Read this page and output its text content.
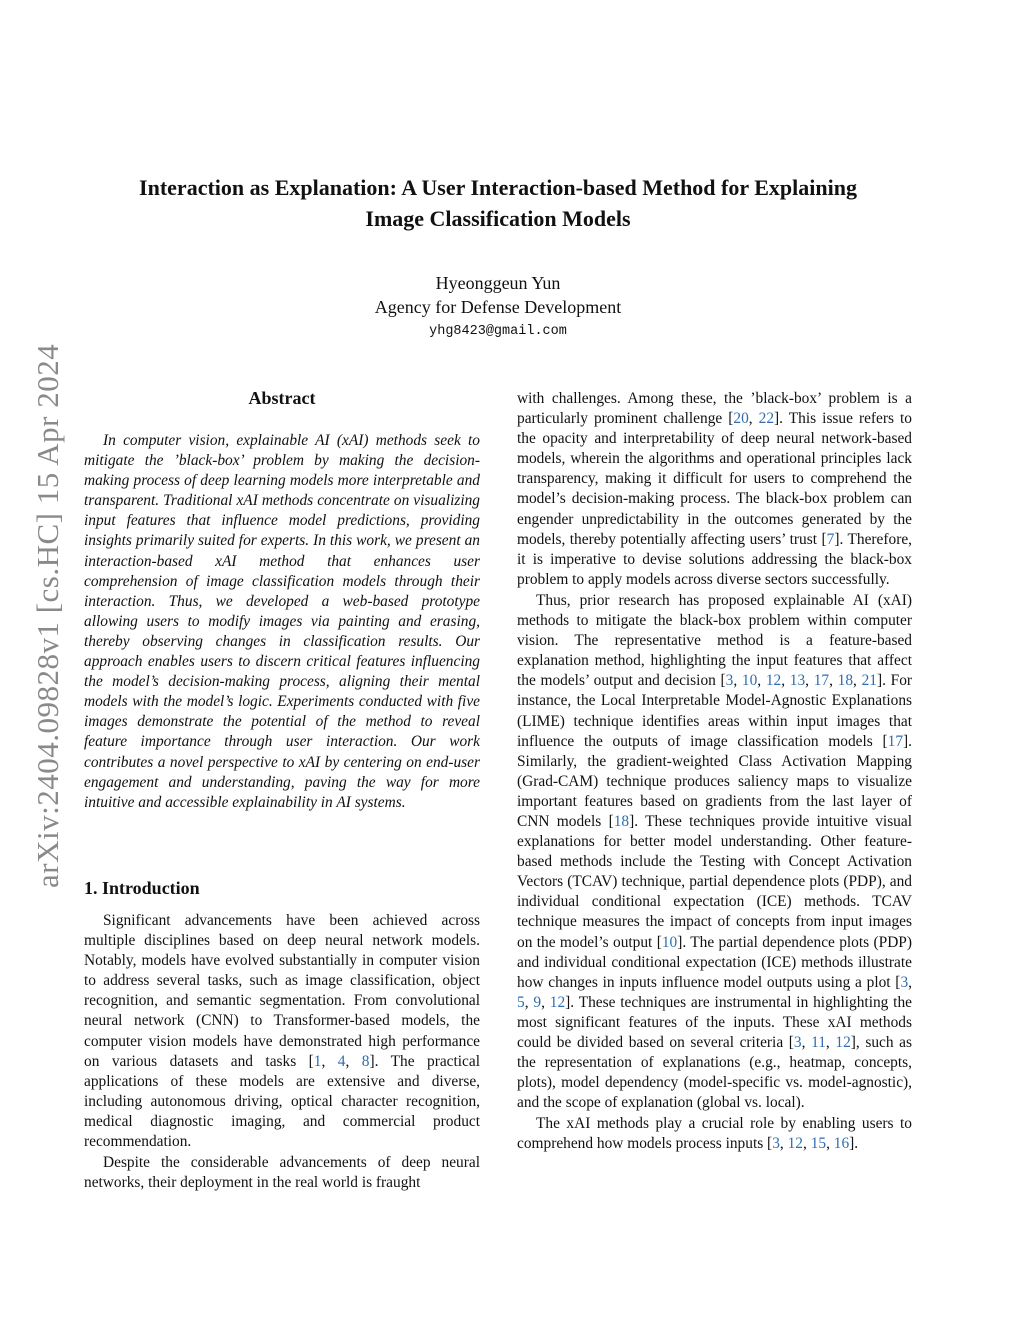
arXiv:2404.09828v1 [cs.HC] 15 Apr 2024
Interaction as Explanation: A User Interaction-based Method for Explaining
Image Classification Models
Hyeonggeun Yun
Agency for Defense Development
yhg8423@gmail.com
Abstract

In computer vision, explainable AI (xAI) methods seek to mitigate the ’black-box’ problem by making the decision-making process of deep learning models more interpretable and transparent. Traditional xAI methods concentrate on visualizing input features that influence model predictions, providing insights primarily suited for experts. In this work, we present an interaction-based xAI method that enhances user comprehension of image classification models through their interaction. Thus, we developed a web-based prototype allowing users to modify images via painting and erasing, thereby observing changes in classification results. Our approach enables users to discern critical features influencing the model’s decision-making process, aligning their mental models with the model’s logic. Experiments conducted with five images demonstrate the potential of the method to reveal feature importance through user interaction. Our work contributes a novel perspective to xAI by centering on end-user engagement and understanding, paving the way for more intuitive and accessible explainability in AI systems.

1. Introduction

Significant advancements have been achieved across multiple disciplines based on deep neural network models. Notably, models have evolved substantially in computer vision to address several tasks, such as image classification, object recognition, and semantic segmentation. From convolutional neural network (CNN) to Transformer-based models, the computer vision models have demonstrated high performance on various datasets and tasks [1, 4, 8]. The practical applications of these models are extensive and diverse, including autonomous driving, optical character recognition, medical diagnostic imaging, and commercial product recommendation.

Despite the considerable advancements of deep neural networks, their deployment in the real world is fraught

with challenges. Among these, the ’black-box’ problem is a particularly prominent challenge [20, 22]. This issue refers to the opacity and interpretability of deep neural network-based models, wherein the algorithms and operational principles lack transparency, making it difficult for users to comprehend the model’s decision-making process. The black-box problem can engender unpredictability in the outcomes generated by the models, thereby potentially affecting users’ trust [7]. Therefore, it is imperative to devise solutions addressing the black-box problem to apply models across diverse sectors successfully.

Thus, prior research has proposed explainable AI (xAI) methods to mitigate the black-box problem within computer vision. The representative method is a feature-based explanation method, highlighting the input features that affect the models’ output and decision [3, 10, 12, 13, 17, 18, 21]. For instance, the Local Interpretable Model-Agnostic Explanations (LIME) technique identifies areas within input images that influence the outputs of image classification models [17]. Similarly, the gradient-weighted Class Activation Mapping (Grad-CAM) technique produces saliency maps to visualize important features based on gradients from the last layer of CNN models [18]. These techniques provide intuitive visual explanations for better model understanding. Other feature-based methods include the Testing with Concept Activation Vectors (TCAV) technique, partial dependence plots (PDP), and individual conditional expectation (ICE) methods. TCAV technique measures the impact of concepts from input images on the model’s output [10]. The partial dependence plots (PDP) and individual conditional expectation (ICE) methods illustrate how changes in inputs influence model outputs using a plot [3, 5, 9, 12]. These techniques are instrumental in highlighting the most significant features of the inputs. These xAI methods could be divided based on several criteria [3, 11, 12], such as the representation of explanations (e.g., heatmap, concepts, plots), model dependency (model-specific vs. model-agnostic), and the scope of explanation (global vs. local).

The xAI methods play a crucial role by enabling users to comprehend how models process inputs [3, 12, 15, 16].
